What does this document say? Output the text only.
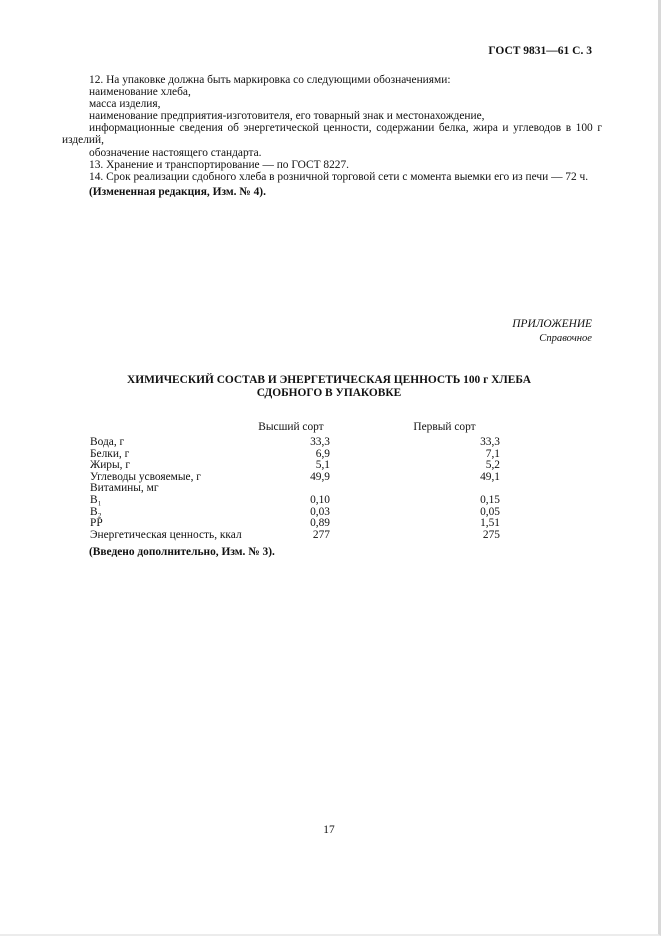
ГОСТ 9831—61 С. 3

12. На упаковке должна быть маркировка со следующими обозначениями:

наименование хлеба,

масса изделия,

наименование предприятия-изготовителя, его товарный знак и местонахождение,

информационные сведения об энергетической ценности, содержании белка, жира и углеводов в 100 г изделий,

обозначение настоящего стандарта.

13. Хранение и транспортирование — по ГОСТ 8227.

14. Срок реализации сдобного хлеба в розничной торговой сети с момента выемки его из печи — 72 ч.

(Измененная редакция, Изм. № 4).

ПРИЛОЖЕНИЕ
Справочное
ХИМИЧЕСКИЙ СОСТАВ И ЭНЕРГЕТИЧЕСКАЯ ЦЕННОСТЬ 100 г ХЛЕБА
СДОБНОГО В УПАКОВКЕ
Высший сорт	Первый сорт
Вода, г	33,3	33,3
Белки, г	6,9	7,1
Жиры, г	5,1	5,2
Углеводы усвояемые, г	49,9	49,1
Витамины, мг
В₁	0,10	0,15
В₂	0,03	0,05
РР	0,89	1,51
Энергетическая ценность, ккал	277	275
(Введено дополнительно, Изм. № 3).
17
